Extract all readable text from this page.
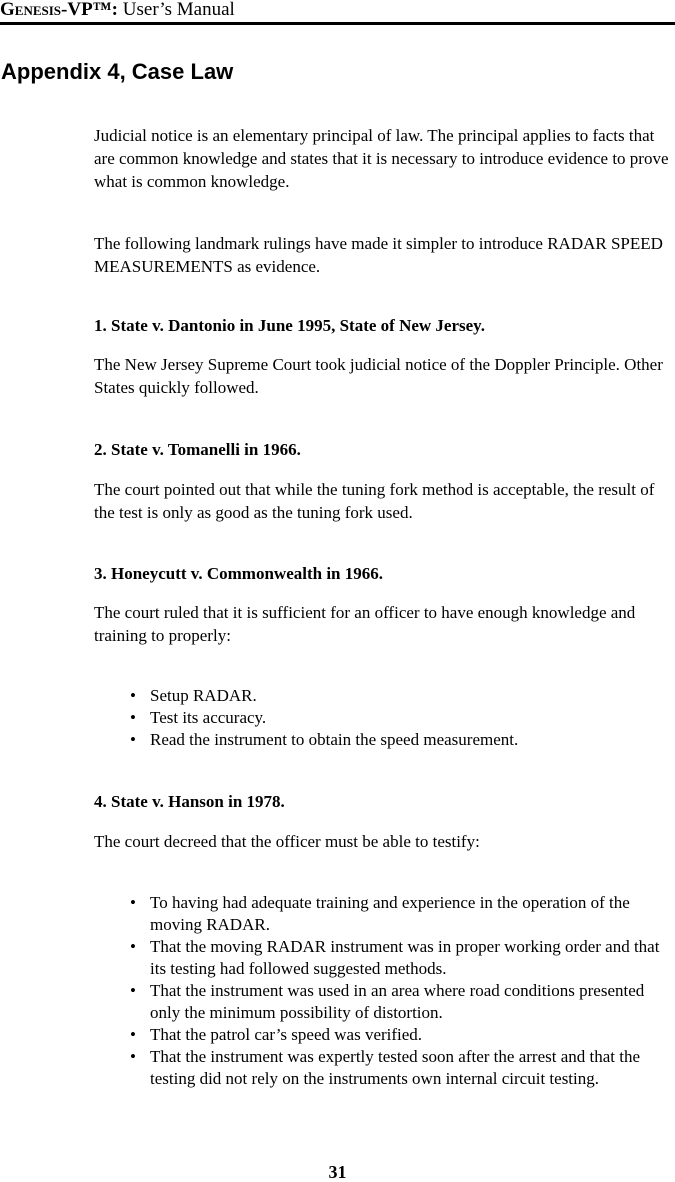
Genesis-VP™: User’s Manual
Appendix 4, Case Law

Judicial notice is an elementary principal of law. The principal applies to facts that are common knowledge and states that it is necessary to introduce evidence to prove what is common knowledge.

The following landmark rulings have made it simpler to introduce RADAR SPEED MEASUREMENTS as evidence.

1. State v. Dantonio in June 1995, State of New Jersey.

The New Jersey Supreme Court took judicial notice of the Doppler Principle. Other States quickly followed.

2. State v. Tomanelli in 1966.

The court pointed out that while the tuning fork method is acceptable, the result of the test is only as good as the tuning fork used.

3. Honeycutt v. Commonwealth in 1966.

The court ruled that it is sufficient for an officer to have enough knowledge and training to properly:

• Setup RADAR.
• Test its accuracy.
• Read the instrument to obtain the speed measurement.

4. State v. Hanson in 1978.

The court decreed that the officer must be able to testify:

• To having had adequate training and experience in the operation of the moving RADAR.
• That the moving RADAR instrument was in proper working order and that its testing had followed suggested methods.
• That the instrument was used in an area where road conditions presented only the minimum possibility of distortion.
• That the patrol car’s speed was verified.
• That the instrument was expertly tested soon after the arrest and that the testing did not rely on the instruments own internal circuit testing.
31
